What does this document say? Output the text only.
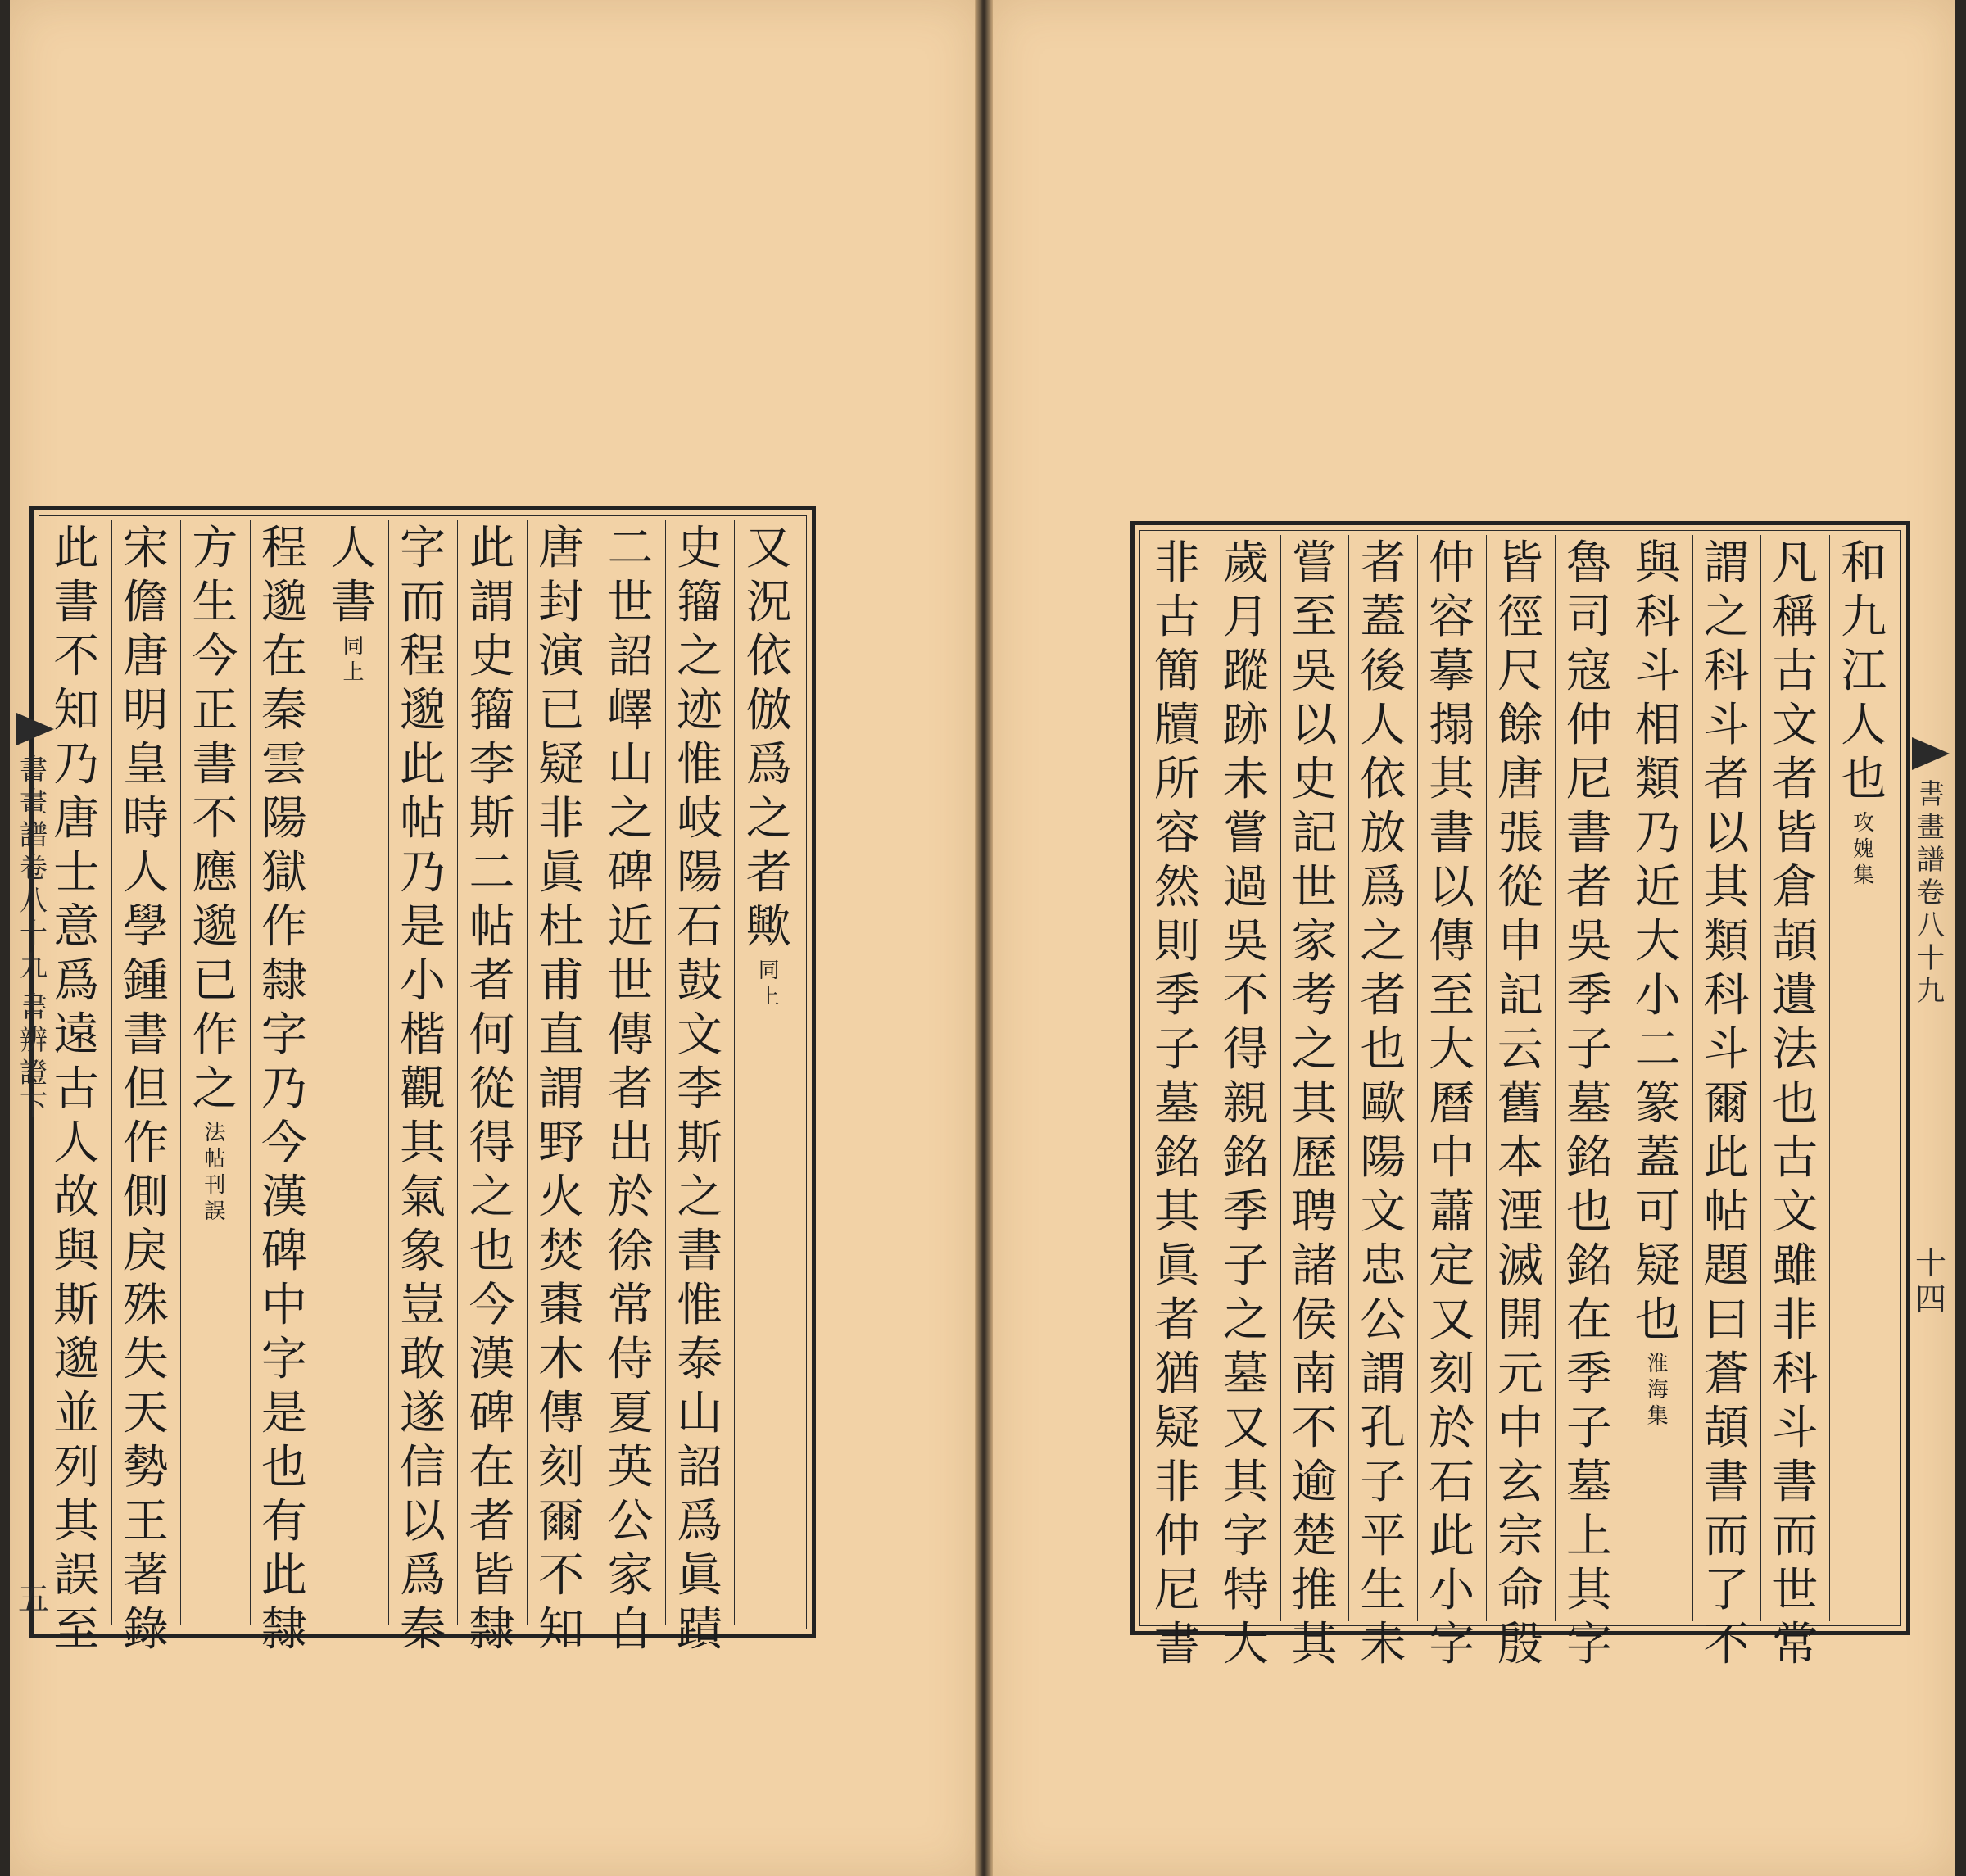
又
況
依
倣
爲
之
者
歟
同
上
史
籀
之
迹
惟
岐
陽
石
鼓
文
李
斯
之
書
惟
泰
山
詔
爲
眞
蹟
二
世
詔
嶧
山
之
碑
近
世
傳
者
出
於
徐
常
侍
夏
英
公
家
自
唐
封
演
已
疑
非
眞
杜
甫
直
謂
野
火
焚
棗
木
傳
刻
爾
不
知
此
謂
史
籀
李
斯
二
帖
者
何
從
得
之
也
今
漢
碑
在
者
皆
隸
字
而
程
邈
此
帖
乃
是
小
楷
觀
其
氣
象
豈
敢
遂
信
以
爲
秦
人
書
同
上
程
邈
在
秦
雲
陽
獄
作
隸
字
乃
今
漢
碑
中
字
是
也
有
此
隸
方
生
今
正
書
不
應
邈
已
作
之
法
帖
刊
誤
宋
儋
唐
明
皇
時
人
學
鍾
書
但
作
側
戾
殊
失
天
勢
王
著
錄
此
書
不
知
乃
唐
士
意
爲
遠
古
人
故
與
斯
邈
並
列
其
誤
至
書
畫
譜
卷
八
十
九
書
辨
證
下
五
和
九
江
人
也
攻
媿
集
凡
稱
古
文
者
皆
倉
頡
遺
法
也
古
文
雖
非
科
斗
書
而
世
常
謂
之
科
斗
者
以
其
類
科
斗
爾
此
帖
題
曰
蒼
頡
書
而
了
不
與
科
斗
相
類
乃
近
大
小
二
篆
蓋
可
疑
也
淮
海
集
魯
司
寇
仲
尼
書
者
吳
季
子
墓
銘
也
銘
在
季
子
墓
上
其
字
皆
徑
尺
餘
唐
張
從
申
記
云
舊
本
湮
滅
開
元
中
玄
宗
命
殷
仲
容
摹
搨
其
書
以
傳
至
大
曆
中
蕭
定
又
刻
於
石
此
小
字
者
蓋
後
人
依
放
爲
之
者
也
歐
陽
文
忠
公
謂
孔
子
平
生
未
嘗
至
吳
以
史
記
世
家
考
之
其
歷
聘
諸
侯
南
不
逾
楚
推
其
歲
月
蹤
跡
未
嘗
過
吳
不
得
親
銘
季
子
之
墓
又
其
字
特
大
非
古
簡
牘
所
容
然
則
季
子
墓
銘
其
眞
者
猶
疑
非
仲
尼
書
書
畫
譜
卷
八
十
九
十四
